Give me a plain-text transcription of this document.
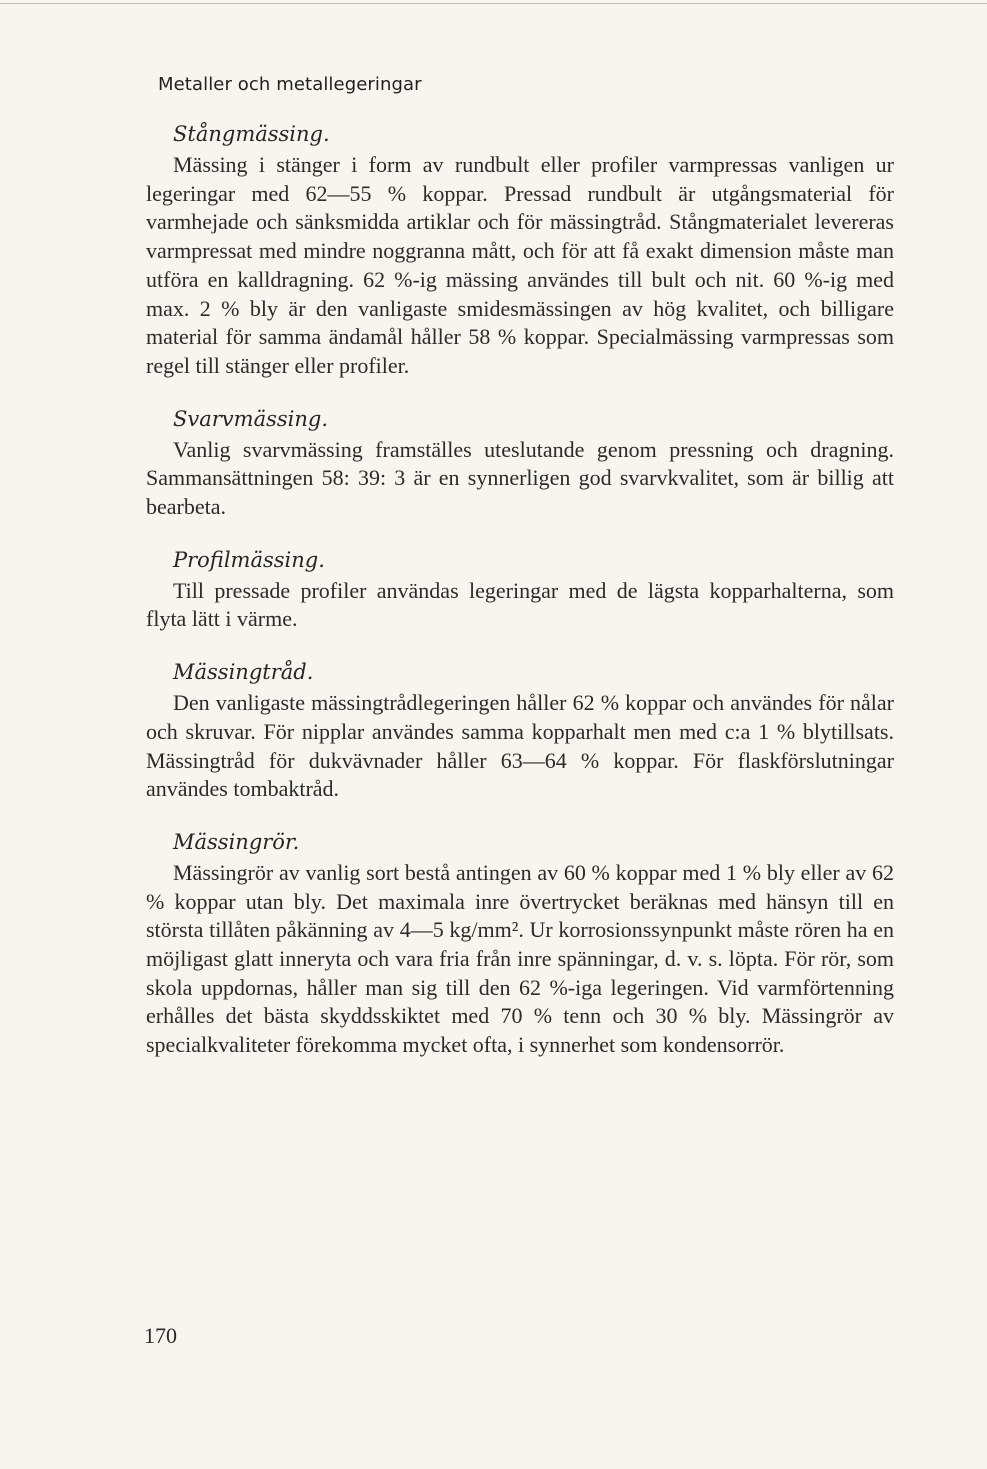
Metaller och metallegeringar
Stångmässing.

Mässing i stänger i form av rundbult eller profiler varmpressas vanligen ur legeringar med 62—55 % koppar. Pressad rundbult är utgångsmaterial för varmhejade och sänksmidda artiklar och för mässingtråd. Stångmaterialet levereras varmpressat med mindre noggranna mått, och för att få exakt dimension måste man utföra en kalldragning. 62 %-ig mässing användes till bult och nit. 60 %-ig med max. 2 % bly är den vanligaste smidesmässingen av hög kvalitet, och billigare material för samma ändamål håller 58 % koppar. Specialmässing varmpressas som regel till stänger eller profiler.

Svarvmässing.

Vanlig svarvmässing framställes uteslutande genom pressning och dragning. Sammansättningen 58: 39: 3 är en synnerligen god svarvkvalitet, som är billig att bearbeta.

Profilmässing.

Till pressade profiler användas legeringar med de lägsta kopparhalterna, som flyta lätt i värme.

Mässingtråd.

Den vanligaste mässingtrådlegeringen håller 62 % koppar och användes för nålar och skruvar. För nipplar användes samma kopparhalt men med c:a 1 % blytillsats. Mässingtråd för dukvävnader håller 63—64 % koppar. För flaskförslutningar användes tombaktråd.

Mässingrör.

Mässingrör av vanlig sort bestå antingen av 60 % koppar med 1 % bly eller av 62 % koppar utan bly. Det maximala inre övertrycket beräknas med hänsyn till en största tillåten påkänning av 4—5 kg/mm². Ur korrosionssynpunkt måste rören ha en möjligast glatt inneryta och vara fria från inre spänningar, d. v. s. löpta. För rör, som skola uppdornas, håller man sig till den 62 %-iga legeringen. Vid varmförtenning erhålles det bästa skyddsskiktet med 70 % tenn och 30 % bly. Mässingrör av specialkvaliteter förekomma mycket ofta, i synnerhet som kondensorrör.

170
